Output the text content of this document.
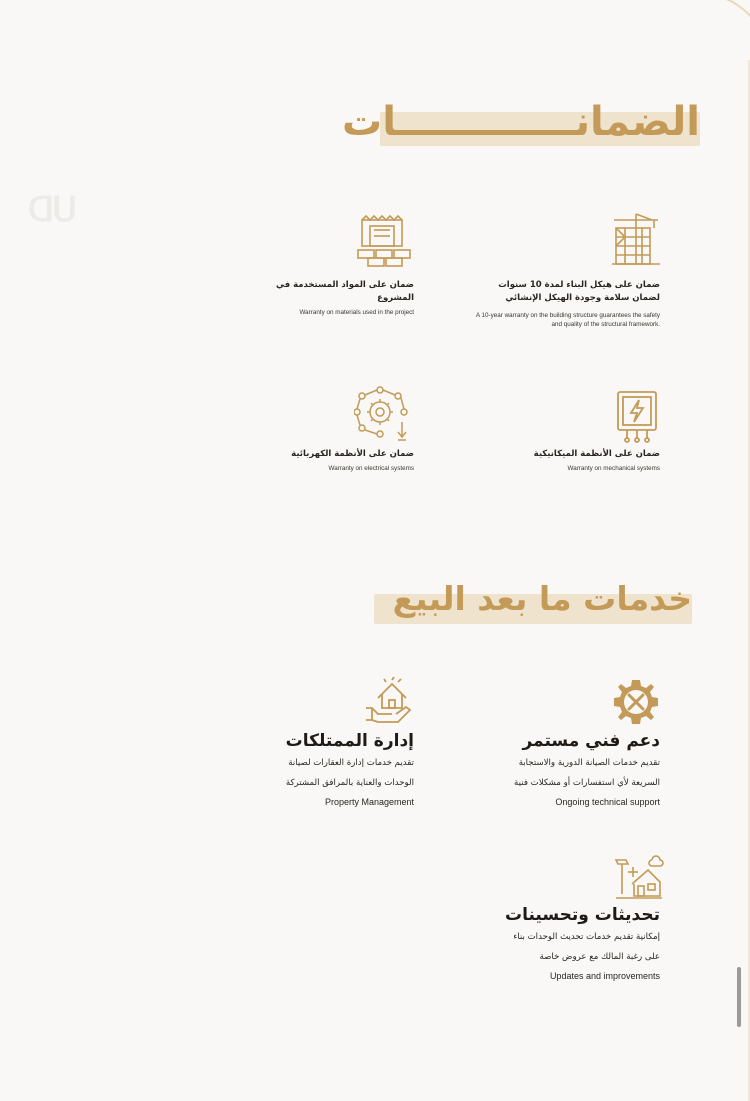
ᗡᑌ
الضمانـــــــــــــات
ضمان على هيكل البناء لمدة 10 سنوات لضمان سلامة وجودة الهيكل الإنشائي
A 10-year warranty on the building structure guarantees the safety and quality of the structural framework.
ضمان على المواد المستخدمة في المشروع
Warranty on materials used in the project
ضمان على الأنظمة الميكانيكية
Warranty on mechanical systems
ضمان على الأنظمة الكهربائية
Warranty on electrical systems
خدمات ما بعد البيع
دعم فني مستمر
تقديم خدمات الصيانة الدورية والاستجابة
السريعة لأي استفسارات أو مشكلات فنية
Ongoing technical support
إدارة الممتلكات
تقديم خدمات إدارة العقارات لصيانة
الوحدات والعناية بالمرافق المشتركة
Property Management
تحديثات وتحسينات
إمكانية تقديم خدمات تحديث الوحدات بناء
على رغبة المالك مع عروض خاصة
Updates and improvements
